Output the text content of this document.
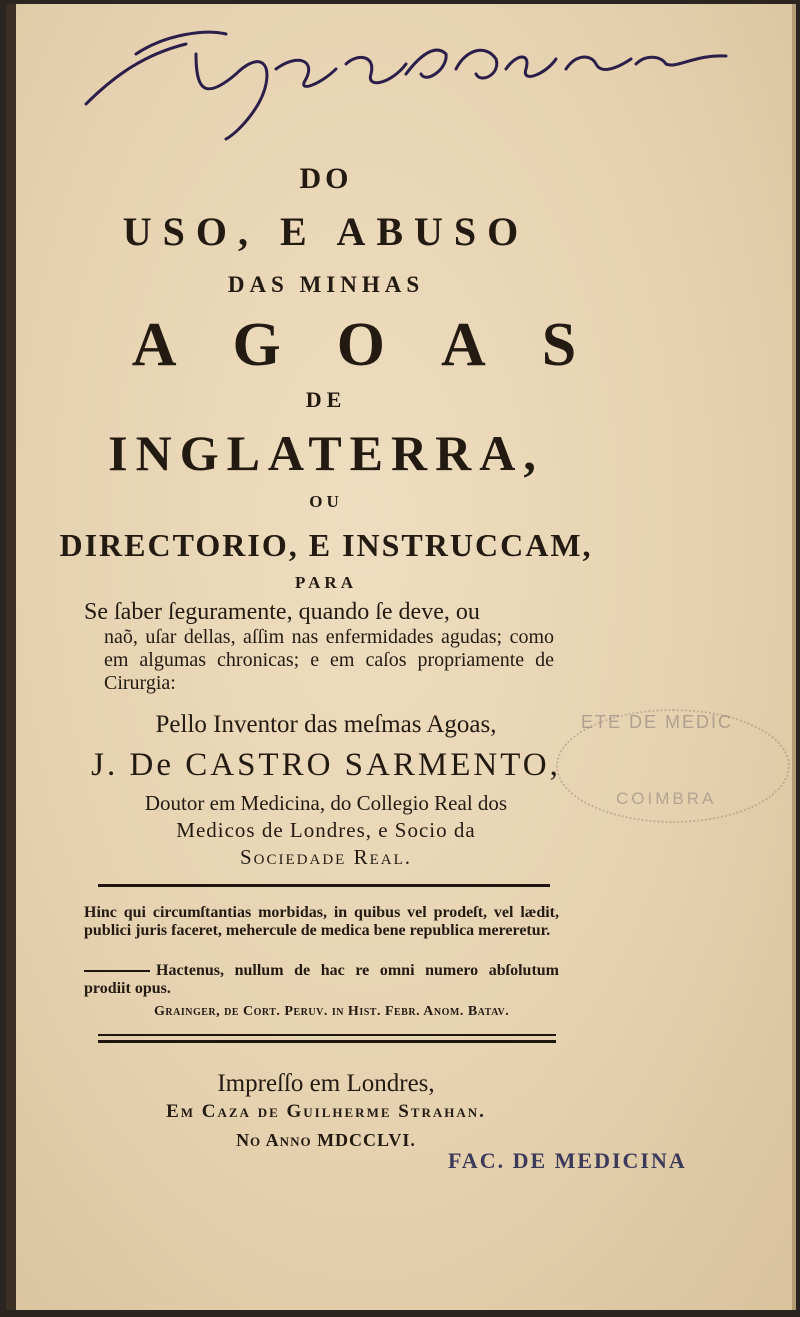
DO
USO, E ABUSO
DAS MINHAS
AGOAS
DE
INGLATERRA,
OU
DIRECTORIO, E INSTRUCCAM,
PARA
Se ſaber ſeguramente, quando ſe deve, ou
naõ, uſar dellas, aſſim nas enfermidades agudas; como em algumas chronicas; e em caſos propriamente de Cirurgia:
Pello Inventor das meſmas Agoas,
J. De CASTRO SARMENTO,
Doutor em Medicina, do Collegio Real dos
Medicos de Londres, e Socio da
Sociedade Real.
ETE DE MEDIC
COIMBRA
Hinc qui circumſtantias morbidas, in quibus vel prodeſt, vel lædit, publici juris faceret, mehercule de medica bene republica mereretur.
Hactenus, nullum de hac re omni numero abſolutum prodiit opus.
Grainger, de Cort. Peruv. in Hiſt. Febr. Anom. Batav.
Impreſſo em Londres,
Em Caza de Guilherme Strahan.
No Anno MDCCLVI.
FAC. DE MEDICINA
